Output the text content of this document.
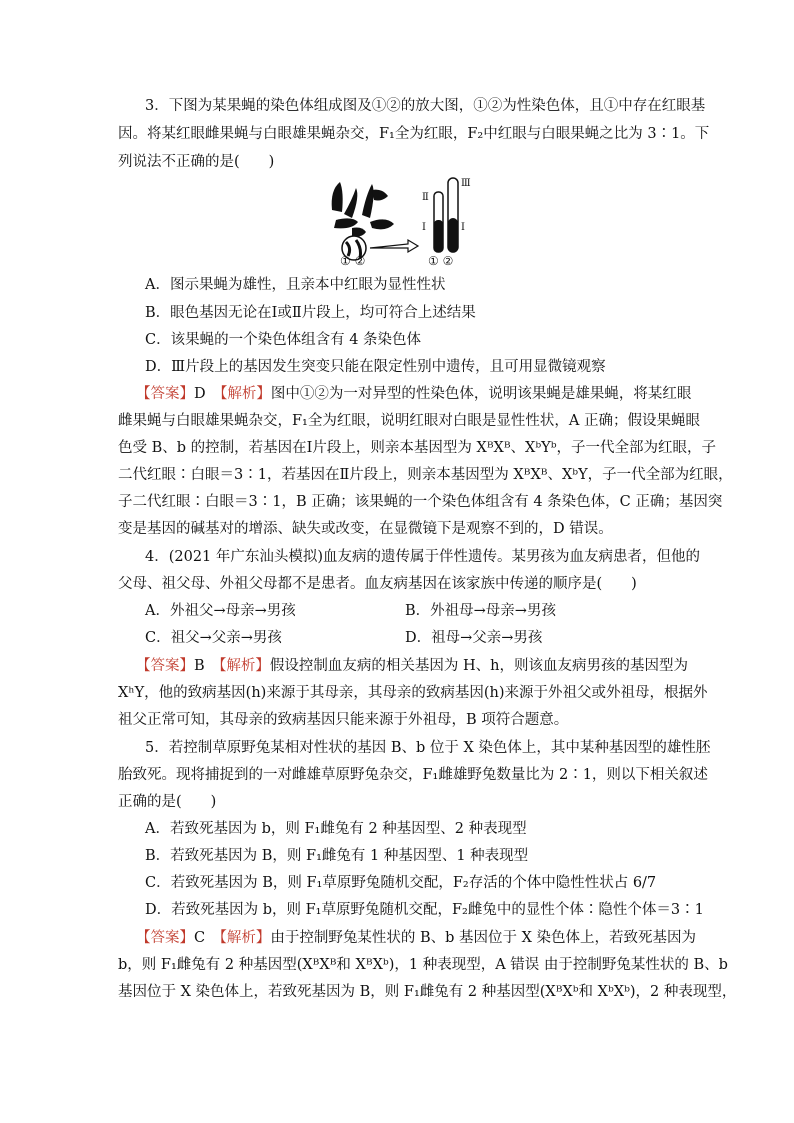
3．下图为某果蝇的染色体组成图及①②的放大图，①②为性染色体，且①中存在红眼基
因。将某红眼雌果蝇与白眼雄果蝇杂交，F₁全为红眼，F₂中红眼与白眼果蝇之比为 3∶1。下
列说法不正确的是(　　)
Ⅱ
Ⅰ
Ⅲ
Ⅰ
① ②	① ②
A．图示果蝇为雄性，且亲本中红眼为显性性状
B．眼色基因无论在Ⅰ或Ⅱ片段上，均可符合上述结果
C．该果蝇的一个染色体组含有 4 条染色体
D．Ⅲ片段上的基因发生突变只能在限定性别中遗传，且可用显微镜观察
【答案】D　【解析】图中①②为一对异型的性染色体，说明该果蝇是雄果蝇，将某红眼
雌果蝇与白眼雄果蝇杂交，F₁全为红眼，说明红眼对白眼是显性性状，A 正确；假设果蝇眼
色受 B、b 的控制，若基因在Ⅰ片段上，则亲本基因型为 XᴮXᴮ、XᵇYᵇ，子一代全部为红眼，子
二代红眼∶白眼＝3∶1，若基因在Ⅱ片段上，则亲本基因型为 XᴮXᴮ、XᵇY，子一代全部为红眼，
子二代红眼∶白眼＝3∶1，B 正确；该果蝇的一个染色体组含有 4 条染色体，C 正确；基因突
变是基因的碱基对的增添、缺失或改变，在显微镜下是观察不到的，D 错误。
4．(2021 年广东汕头模拟)血友病的遗传属于伴性遗传。某男孩为血友病患者，但他的
父母、祖父母、外祖父母都不是患者。血友病基因在该家族中传递的顺序是(　　)
A．外祖父→母亲→男孩	B．外祖母→母亲→男孩
C．祖父→父亲→男孩	D．祖母→父亲→男孩
【答案】B　【解析】假设控制血友病的相关基因为 H、h，则该血友病男孩的基因型为
XʰY，他的致病基因(h)来源于其母亲，其母亲的致病基因(h)来源于外祖父或外祖母，根据外
祖父正常可知，其母亲的致病基因只能来源于外祖母，B 项符合题意。
5．若控制草原野兔某相对性状的基因 B、b 位于 X 染色体上，其中某种基因型的雄性胚
胎致死。现将捕捉到的一对雌雄草原野兔杂交，F₁雌雄野兔数量比为 2∶1，则以下相关叙述
正确的是(　　)
A．若致死基因为 b，则 F₁雌兔有 2 种基因型、2 种表现型
B．若致死基因为 B，则 F₁雌兔有 1 种基因型、1 种表现型
C．若致死基因为 B，则 F₁草原野兔随机交配，F₂存活的个体中隐性性状占 6/7
D．若致死基因为 b，则 F₁草原野兔随机交配，F₂雌兔中的显性个体∶隐性个体＝3∶1
【答案】C　【解析】由于控制野兔某性状的 B、b 基因位于 X 染色体上，若致死基因为
b，则 F₁雌兔有 2 种基因型(XᴮXᴮ和 XᴮXᵇ)，1 种表现型，A 错误 由于控制野兔某性状的 B、b
基因位于 X 染色体上，若致死基因为 B，则 F₁雌兔有 2 种基因型(XᴮXᵇ和 XᵇXᵇ)，2 种表现型，
